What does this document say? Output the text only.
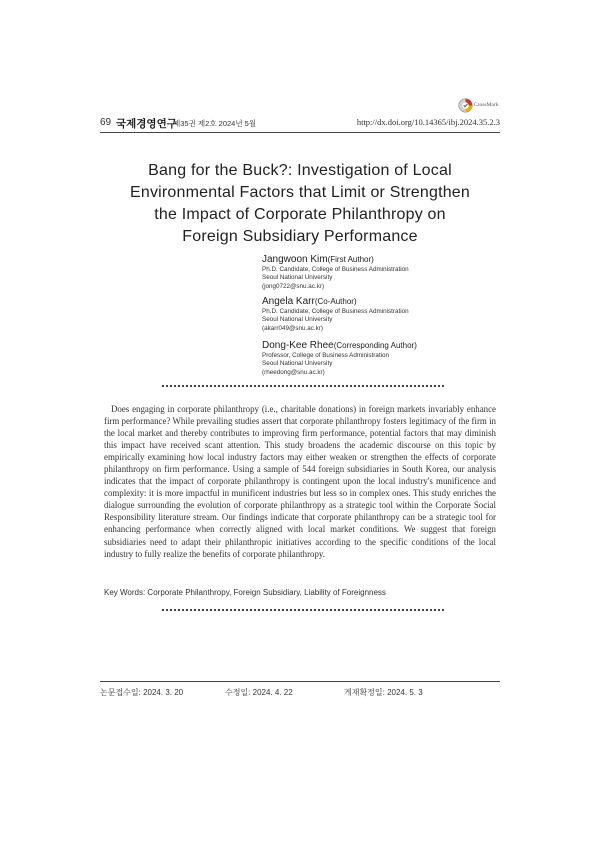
CrossMark
69 국제경영연구
제35권 제2호 2024년 5월	http://dx.doi.org/10.14365/ibj.2024.35.2.3
Bang for the Buck?: Investigation of Local
Environmental Factors that Limit or Strengthen
the Impact of Corporate Philanthropy on
Foreign Subsidiary Performance
Jangwoon Kim(First Author)
Ph.D. Candidate, College of Business Administration
Seoul National University
(jong0722@snu.ac.kr)
Angela Karr(Co-Author)
Ph.D. Candidate, College of Business Administration
Seoul National University
(akarr049@snu.ac.kr)
Dong-Kee Rhee(Corresponding Author)
Professor, College of Business Administration
Seoul National University
(rheedong@snu.ac.kr)

Does engaging in corporate philanthropy (i.e., charitable donations) in foreign markets invariably enhance firm performance? While prevailing studies assert that corporate philanthropy fosters legitimacy of the firm in the local market and thereby contributes to improving firm performance, potential factors that may diminish this impact have received scant attention. This study broadens the academic discourse on this topic by empirically examining how local industry factors may either weaken or strengthen the effects of corporate philanthropy on firm performance. Using a sample of 544 foreign subsidiaries in South Korea, our analysis indicates that the impact of corporate philanthropy is contingent upon the local industry's munificence and complexity: it is more impactful in munificent industries but less so in complex ones. This study enriches the dialogue surrounding the evolution of corporate philanthropy as a strategic tool within the Corporate Social Responsibility literature stream. Our findings indicate that corporate philanthropy can be a strategic tool for enhancing performance when correctly aligned with local market conditions. We suggest that foreign subsidiaries need to adapt their philanthropic initiatives according to the specific conditions of the local industry to fully realize the benefits of corporate philanthropy.

Key Words: Corporate Philanthropy, Foreign Subsidiary, Liability of Foreignness
논문접수일: 2024. 3. 20	수정일: 2024. 4. 22	게재확정일: 2024. 5. 3
